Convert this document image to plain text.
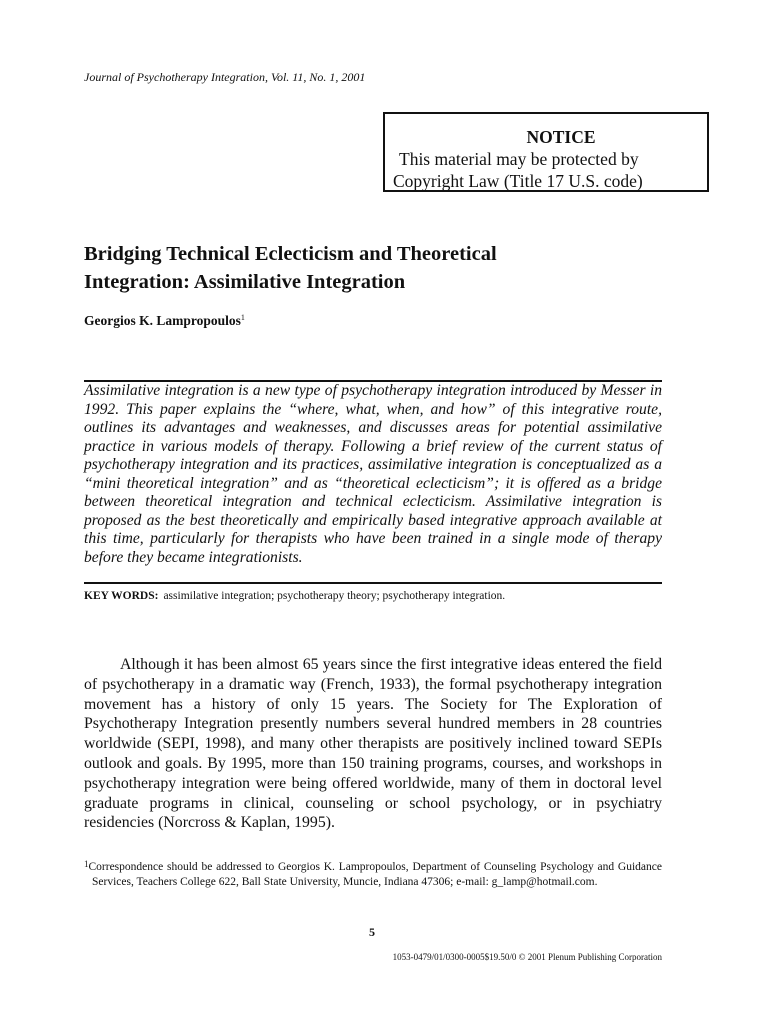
Journal of Psychotherapy Integration, Vol. 11, No. 1, 2001
NOTICE
This material may be protected by
Copyright Law (Title 17 U.S. code)
Bridging Technical Eclecticism and Theoretical
Integration: Assimilative Integration
Georgios K. Lampropoulos$^1$
Assimilative integration is a new type of psychotherapy integration introduced by Messer in 1992. This paper explains the “where, what, when, and how” of this integrative route, outlines its advantages and weaknesses, and discusses areas for potential assimilative practice in various models of therapy. Following a brief review of the current status of psychotherapy integration and its practices, assimilative integration is conceptualized as a “mini theoretical integration” and as “theoretical eclecticism”; it is offered as a bridge between theoretical integration and technical eclecticism. Assimilative integration is proposed as the best theoretically and empirically based integrative approach available at this time, particularly for therapists who have been trained in a single mode of therapy before they became integrationists.
KEY WORDS: assimilative integration; psychotherapy theory; psychotherapy integration.

Although it has been almost 65 years since the first integrative ideas entered the field of psychotherapy in a dramatic way (French, 1933), the formal psychotherapy integration movement has a history of only 15 years. The Society for The Exploration of Psychotherapy Integration presently numbers several hundred members in 28 countries worldwide (SEPI, 1998), and many other therapists are positively inclined toward SEPIs outlook and goals. By 1995, more than 150 training programs, courses, and workshops in psychotherapy integration were being offered worldwide, many of them in doctoral level graduate programs in clinical, counseling or school psychology, or in psychiatry residencies (Norcross & Kaplan, 1995).

$^1$Correspondence should be addressed to Georgios K. Lampropoulos, Department of Counseling Psychology and Guidance Services, Teachers College 622, Ball State University, Muncie, Indiana 47306; e-mail: g_lamp@hotmail.com.
5
1053-0479/01/0300-0005$19.50/0 © 2001 Plenum Publishing Corporation
